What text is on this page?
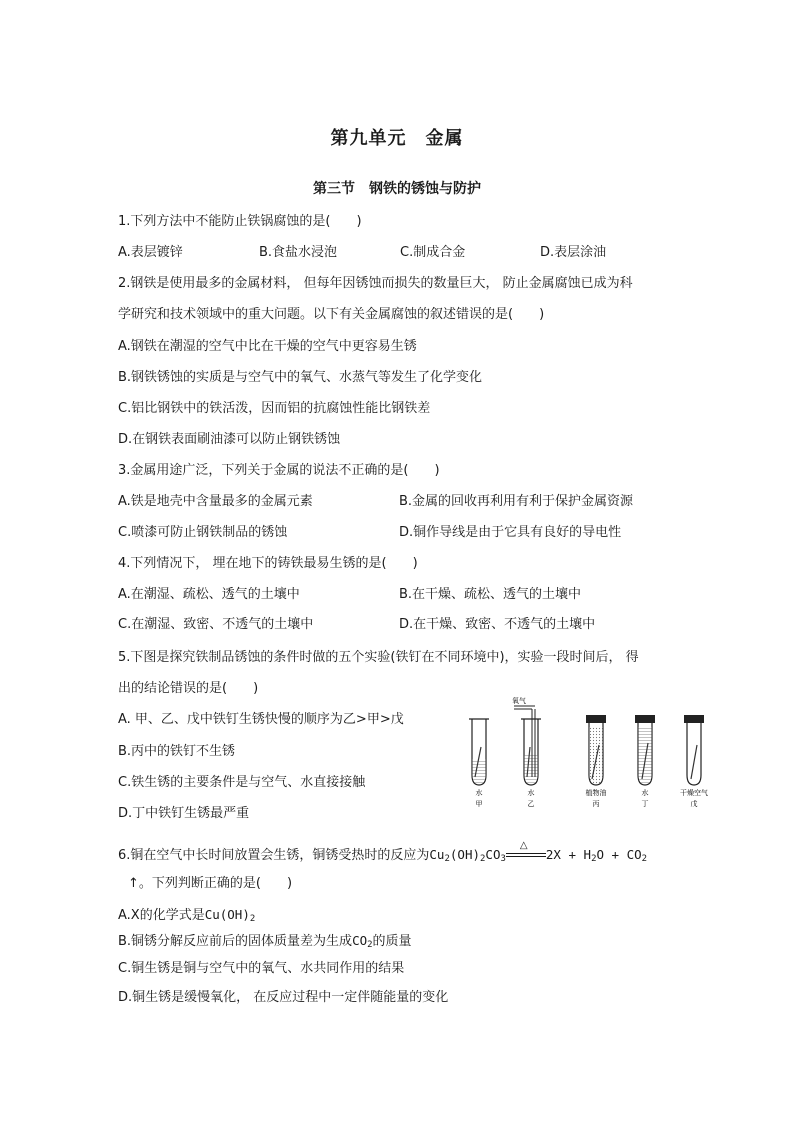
第九单元　金属
第三节　钢铁的锈蚀与防护
1.下列方法中不能防止铁锅腐蚀的是(　　)
A.表层镀锌	B.食盐水浸泡	C.制成合金	D.表层涂油
2.钢铁是使用最多的金属材料， 但每年因锈蚀而损失的数量巨大， 防止金属腐蚀已成为科
学研究和技术领域中的重大问题。以下有关金属腐蚀的叙述错误的是(　　)
A.钢铁在潮湿的空气中比在干燥的空气中更容易生锈
B.钢铁锈蚀的实质是与空气中的氧气、水蒸气等发生了化学变化
C.铝比钢铁中的铁活泼，因而铝的抗腐蚀性能比钢铁差
D.在钢铁表面刷油漆可以防止钢铁锈蚀
3.金属用途广泛，下列关于金属的说法不正确的是(　　)
A.铁是地壳中含量最多的金属元素	B.金属的回收再利用有利于保护金属资源
C.喷漆可防止钢铁制品的锈蚀	D.铜作导线是由于它具有良好的导电性
4.下列情况下， 埋在地下的铸铁最易生锈的是(　　)
A.在潮湿、疏松、透气的土壤中	B.在干燥、疏松、透气的土壤中
C.在潮湿、致密、不透气的土壤中	D.在干燥、致密、不透气的土壤中
5.下图是探究铁制品锈蚀的条件时做的五个实验(铁钉在不同环境中)，实验一段时间后， 得
出的结论错误的是(　　)
A. 甲、乙、戊中铁钉生锈快慢的顺序为乙>甲>戊
B.丙中的铁钉不生锈
C.铁生锈的主要条件是与空气、水直接接触
D.丁中铁钉生锈最严重
氧气
水	水	植物油	水	干燥空气
甲	乙	丙	丁	戊
6.铜在空气中长时间放置会生锈，铜锈受热时的反应为$Cu_2(OH)_2CO_3$
△
$2X + H_2O + CO_2$
↑。下列判断正确的是(　　)
A.X的化学式是$Cu(OH)_2$
B.铜锈分解反应前后的固体质量差为生成$CO_2$的质量
C.铜生锈是铜与空气中的氧气、水共同作用的结果
D.铜生锈是缓慢氧化， 在反应过程中一定伴随能量的变化
